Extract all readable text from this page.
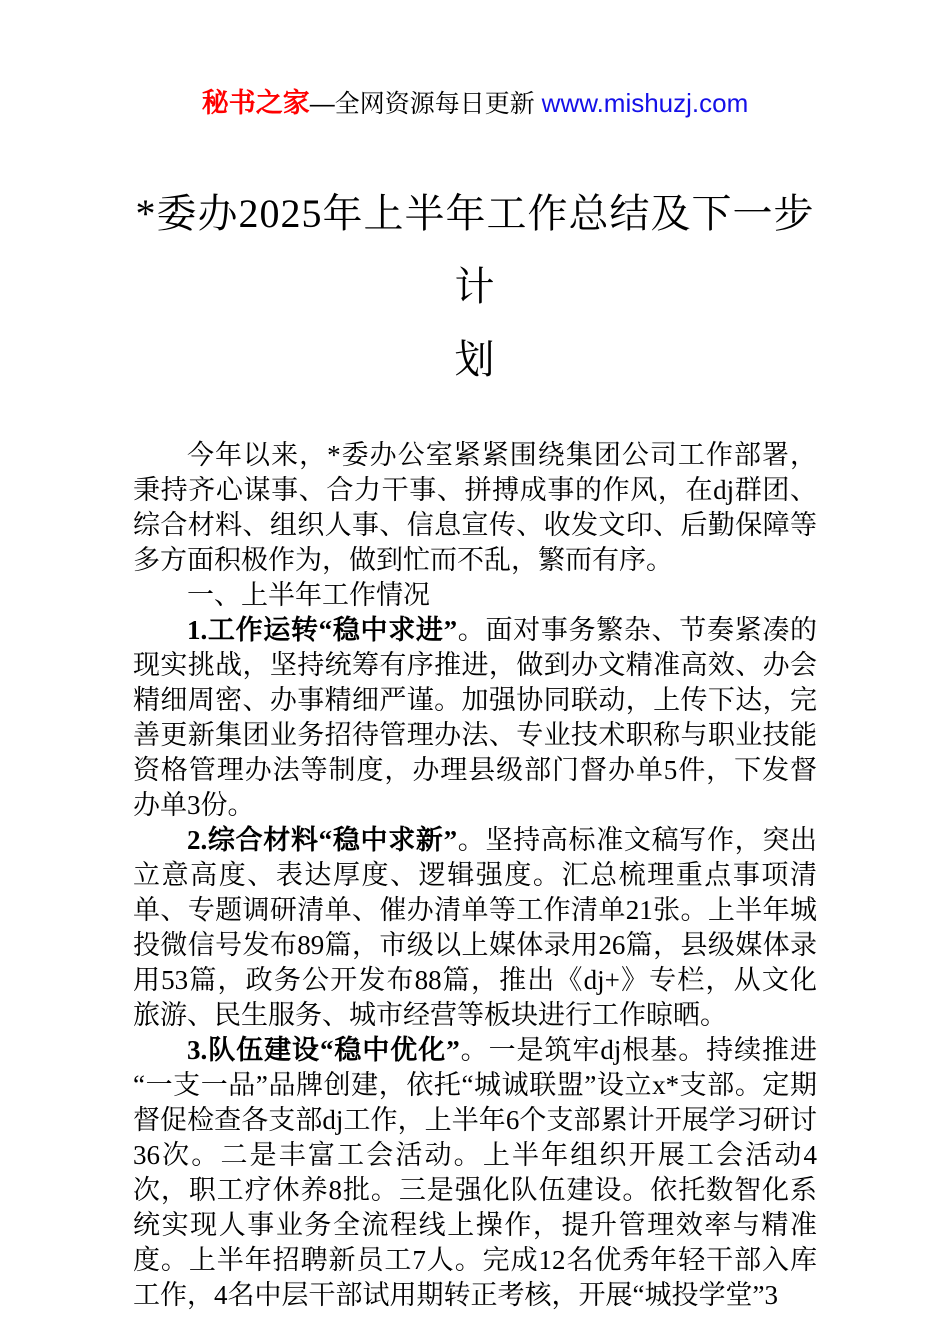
秘书之家—全网资源每日更新 www.mishuzj.com
*委办2025年上半年工作总结及下一步计
划

今年以来，*委办公室紧紧围绕集团公司工作部署，秉持齐心谋事、合力干事、拼搏成事的作风，在dj群团、综合材料、组织人事、信息宣传、收发文印、后勤保障等多方面积极作为，做到忙而不乱，繁而有序。

一、上半年工作情况

1.工作运转“稳中求进”。面对事务繁杂、节奏紧凑的现实挑战，坚持统筹有序推进，做到办文精准高效、办会精细周密、办事精细严谨。加强协同联动，上传下达，完善更新集团业务招待管理办法、专业技术职称与职业技能资格管理办法等制度，办理县级部门督办单5件，下发督办单3份。

2.综合材料“稳中求新”。坚持高标准文稿写作，突出立意高度、表达厚度、逻辑强度。汇总梳理重点事项清单、专题调研清单、催办清单等工作清单21张。上半年城投微信号发布89篇，市级以上媒体录用26篇，县级媒体录用53篇，政务公开发布88篇，推出《dj+》专栏，从文化旅游、民生服务、城市经营等板块进行工作晾晒。

3.队伍建设“稳中优化”。一是筑牢dj根基。持续推进“一支一品”品牌创建，依托“城诚联盟”设立x*支部。定期督促检查各支部dj工作，上半年6个支部累计开展学习研讨36次。二是丰富工会活动。上半年组织开展工会活动4次，职工疗休养8批。三是强化队伍建设。依托数智化系统实现人事业务全流程线上操作，提升管理效率与精准度。上半年招聘新员工7人。完成12名优秀年轻干部入库工作，4名中层干部试用期转正考核，开展“城投学堂”3
